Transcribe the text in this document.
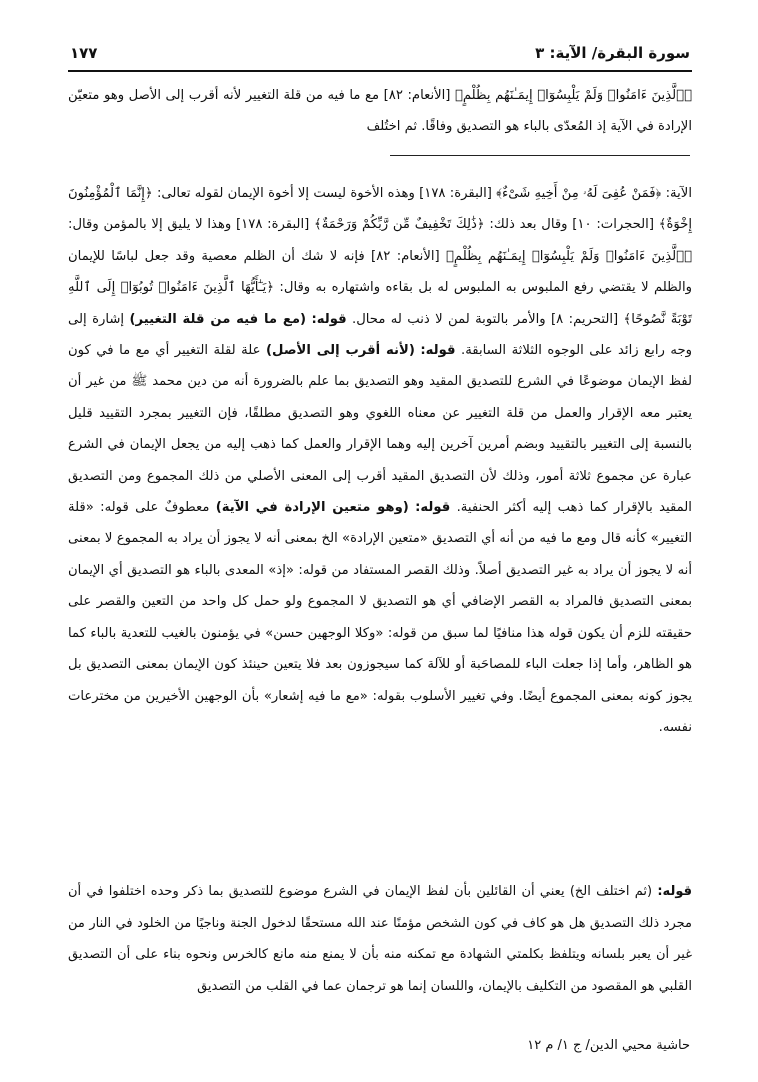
سورة البقرة/ الآية: ٣
١٧٧

﴿ٱلَّذِينَ ءَامَنُوا۟ وَلَمْ يَلْبِسُوٓا۟ إِيمَـٰنَهُم بِظُلْمٍ﴾ [الأنعام: ٨٢] مع ما فيه من قلة التغيير لأنه أقرب إلى الأصل وهو متعيّن الإرادة في الآية إذ المُعدّى بالباء هو التصديق وفاقًا. ثم اختُلف

الآية: ﴿فَمَنْ عُفِىَ لَهُۥ مِنْ أَخِيهِ شَىْءٌ﴾ [البقرة: ١٧٨] وهذه الأخوة ليست إلا أخوة الإيمان لقوله تعالى: ﴿إِنَّمَا ٱلْمُؤْمِنُونَ إِخْوَةٌ﴾ [الحجرات: ١٠] وقال بعد ذلك: ﴿ذَٰلِكَ تَخْفِيفٌ مِّن رَّبِّكُمْ وَرَحْمَةٌ﴾ [البقرة: ١٧٨] وهذا لا يليق إلا بالمؤمن وقال: ﴿ٱلَّذِينَ ءَامَنُوا۟ وَلَمْ يَلْبِسُوٓا۟ إِيمَـٰنَهُم بِظُلْمٍ﴾ [الأنعام: ٨٢] فإنه لا شك أن الظلم معصية وقد جعل لباسًا للإيمان والظلم لا يقتضي رفع الملبوس به الملبوس له بل بقاءه واشتهاره به وقال: ﴿يَـٰٓأَيُّهَا ٱلَّذِينَ ءَامَنُوا۟ تُوبُوٓا۟ إِلَى ٱللَّهِ تَوْبَةً نَّصُوحًا﴾ [التحريم: ٨] والأمر بالتوبة لمن لا ذنب له محال. قوله: (مع ما فيه من قلة التغيير) إشارة إلى وجه رابع زائد على الوجوه الثلاثة السابقة. قوله: (لأنه أقرب إلى الأصل) علة لقلة التغيير أي مع ما في كون لفظ الإيمان موضوعًا في الشرع للتصديق المقيد وهو التصديق بما علم بالضرورة أنه من دين محمد ﷺ من غير أن يعتبر معه الإقرار والعمل من قلة التغيير عن معناه اللغوي وهو التصديق مطلقًا، فإن التغيير بمجرد التقييد قليل بالنسبة إلى التغيير بالتقييد وبضم أمرين آخرين إليه وهما الإقرار والعمل كما ذهب إليه من يجعل الإيمان في الشرع عبارة عن مجموع ثلاثة أمور، وذلك لأن التصديق المقيد أقرب إلى المعنى الأصلي من ذلك المجموع ومن التصديق المقيد بالإقرار كما ذهب إليه أكثر الحنفية. قوله: (وهو متعين الإرادة في الآية) معطوفٌ على قوله: «قلة التغيير» كأنه قال ومع ما فيه من أنه أي التصديق «متعين الإرادة» الخ بمعنى أنه لا يجوز أن يراد به المجموع لا بمعنى أنه لا يجوز أن يراد به غير التصديق أصلاً. وذلك القصر المستفاد من قوله: «إذ» المعدى بالباء هو التصديق أي الإيمان بمعنى التصديق فالمراد به القصر الإضافي أي هو التصديق لا المجموع ولو حمل كل واحد من التعين والقصر على حقيقته للزم أن يكون قوله هذا منافيًا لما سبق من قوله: «وكلا الوجهين حسن» في يؤمنون بالغيب للتعدية بالباء كما هو الظاهر، وأما إذا جعلت الباء للمصاحَبة أو للآلة كما سيجوزون بعد فلا يتعين حينئذ كون الإيمان بمعنى التصديق بل يجوز كونه بمعنى المجموع أيضًا. وفي تغيير الأسلوب بقوله: «مع ما فيه إشعار» بأن الوجهين الأخيرين من مخترعات نفسه.

قوله: (ثم اختلف الخ) يعني أن القائلين بأن لفظ الإيمان في الشرع موضوع للتصديق بما ذكر وحده اختلفوا في أن مجرد ذلك التصديق هل هو كاف في كون الشخص مؤمنًا عند الله مستحقًا لدخول الجنة وناجيًا من الخلود في النار من غير أن يعبر بلسانه ويتلفظ بكلمتي الشهادة مع تمكنه منه بأن لا يمنع منه مانع كالخرس ونحوه بناء على أن التصديق القلبي هو المقصود من التكليف بالإيمان، واللسان إنما هو ترجمان عما في القلب من التصديق

حاشية محيي الدين/ ج ١/ م ١٢
